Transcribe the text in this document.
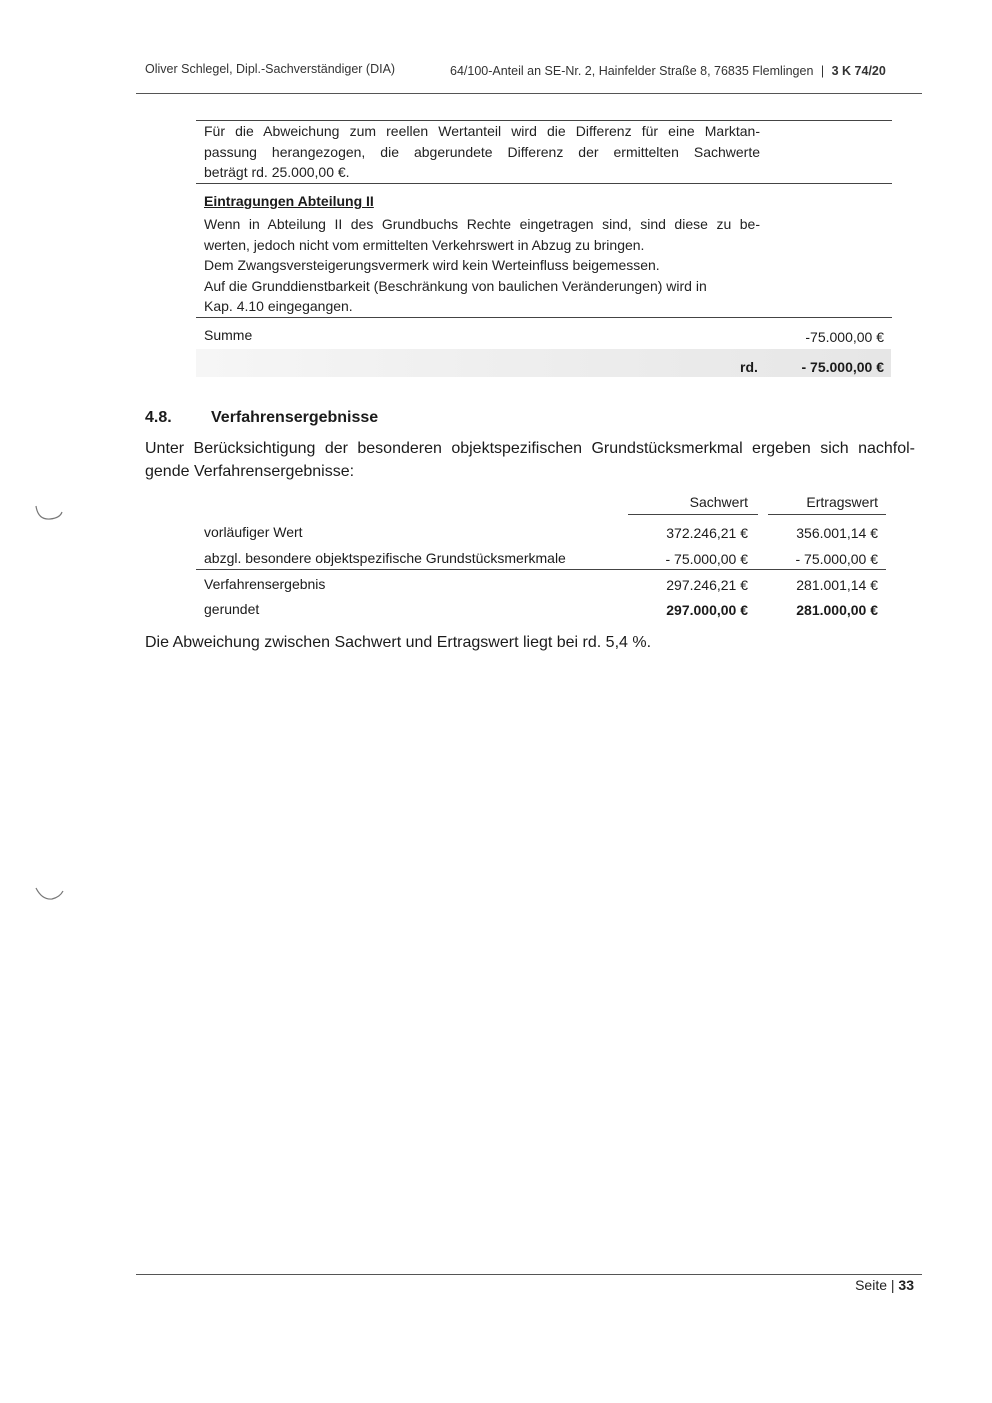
Oliver Schlegel, Dipl.-Sachverständiger (DIA)	64/100-Anteil an SE-Nr. 2, Hainfelder Straße 8, 76835 Flemlingen | 3 K 74/20
Für die Abweichung zum reellen Wertanteil wird die Differenz für eine Marktan-
passung herangezogen, die abgerundete Differenz der ermittelten Sachwerte
beträgt rd. 25.000,00 €.
Eintragungen Abteilung II
Wenn in Abteilung II des Grundbuchs Rechte eingetragen sind, sind diese zu be-
werten, jedoch nicht vom ermittelten Verkehrswert in Abzug zu bringen.
Dem Zwangsversteigerungsvermerk wird kein Werteinfluss beigemessen.
Auf die Grunddienstbarkeit (Beschränkung von baulichen Veränderungen) wird in
Kap. 4.10 eingegangen.
Summe	-75.000,00 €
rd.	- 75.000,00 €
4.8. Verfahrensergebnisse
Unter Berücksichtigung der besonderen objektspezifischen Grundstücksmerkmal ergeben sich nachfol-
gende Verfahrensergebnisse:
Sachwert	Ertragswert
vorläufiger Wert	372.246,21 €	356.001,14 €
abzgl. besondere objektspezifische Grundstücksmerkmale	- 75.000,00 €	- 75.000,00 €
Verfahrensergebnis	297.246,21 €	281.001,14 €
gerundet	297.000,00 €	281.000,00 €
Die Abweichung zwischen Sachwert und Ertragswert liegt bei rd. 5,4 %.
Seite | 33
